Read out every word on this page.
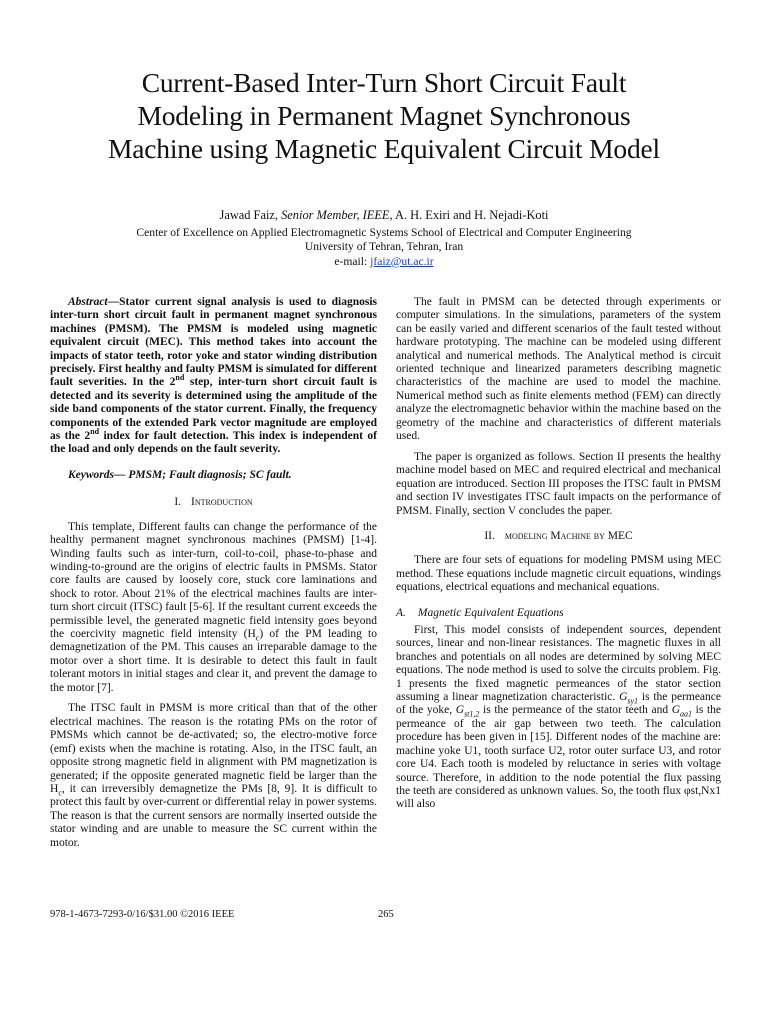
Current-Based Inter-Turn Short Circuit Fault
Modeling in Permanent Magnet Synchronous
Machine using Magnetic Equivalent Circuit Model
Jawad Faiz, Senior Member, IEEE, A. H. Exiri and H. Nejadi-Koti
Center of Excellence on Applied Electromagnetic Systems School of Electrical and Computer Engineering
University of Tehran, Tehran, Iran
e-mail: jfaiz@ut.ac.ir

Abstract—Stator current signal analysis is used to diagnosis inter-turn short circuit fault in permanent magnet synchronous machines (PMSM). The PMSM is modeled using magnetic equivalent circuit (MEC). This method takes into account the impacts of stator teeth, rotor yoke and stator winding distribution precisely. First healthy and faulty PMSM is simulated for different fault severities. In the 2nd step, inter-turn short circuit fault is detected and its severity is determined using the amplitude of the side band components of the stator current. Finally, the frequency components of the extended Park vector magnitude are employed as the 2nd index for fault detection. This index is independent of the load and only depends on the fault severity.

Keywords— PMSM; Fault diagnosis; SC fault.

I. Introduction

This template, Different faults can change the performance of the healthy permanent magnet synchronous machines (PMSM) [1-4]. Winding faults such as inter-turn, coil-to-coil, phase-to-phase and winding-to-ground are the origins of electric faults in PMSMs. Stator core faults are caused by loosely core, stuck core laminations and shock to rotor. About 21% of the electrical machines faults are inter-turn short circuit (ITSC) fault [5-6]. If the resultant current exceeds the permissible level, the generated magnetic field intensity goes beyond the coercivity magnetic field intensity $(H_c)$ of the PM leading to demagnetization of the PM. This causes an irreparable damage to the motor over a short time. It is desirable to detect this fault in fault tolerant motors in initial stages and clear it, and prevent the damage to the motor [7].

The ITSC fault in PMSM is more critical than that of the other electrical machines. The reason is the rotating PMs on the rotor of PMSMs which cannot be de-activated; so, the electro-motive force (emf) exists when the machine is rotating. Also, in the ITSC fault, an opposite strong magnetic field in alignment with PM magnetization is generated; if the opposite generated magnetic field be larger than the $H_c$, it can irreversibly demagnetize the PMs [8, 9]. It is difficult to protect this fault by over-current or differential relay in power systems. The reason is that the current sensors are normally inserted outside the stator winding and are unable to measure the SC current within the motor.

The fault in PMSM can be detected through experiments or computer simulations. In the simulations, parameters of the system can be easily varied and different scenarios of the fault tested without hardware prototyping. The machine can be modeled using different analytical and numerical methods. The Analytical method is circuit oriented technique and linearized parameters describing magnetic characteristics of the machine are used to model the machine. Numerical method such as finite elements method (FEM) can directly analyze the electromagnetic behavior within the machine based on the geometry of the machine and characteristics of different materials used.

The paper is organized as follows. Section II presents the healthy machine model based on MEC and required electrical and mechanical equation are introduced. Section III proposes the ITSC fault in PMSM and section IV investigates ITSC fault impacts on the performance of PMSM. Finally, section V concludes the paper.

II. modeling Machine by MEC

There are four sets of equations for modeling PMSM using MEC method. These equations include magnetic circuit equations, windings equations, electrical equations and mechanical equations.

A. Magnetic Equivalent Equations

First, This model consists of independent sources, dependent sources, linear and non-linear resistances. The magnetic fluxes in all branches and potentials on all nodes are determined by solving MEC equations. The node method is used to solve the circuits problem. Fig. 1 presents the fixed magnetic permeances of the stator section assuming a linear magnetization characteristic. $G_{sy1}$ is the permeance of the yoke, $G_{st1,2}$ is the permeance of the stator teeth and $G_{aa1}$ is the permeance of the air gap between two teeth. The calculation procedure has been given in [15]. Different nodes of the machine are: machine yoke U1, tooth surface U2, rotor outer surface U3, and rotor core U4. Each tooth is modeled by reluctance in series with voltage source. Therefore, in addition to the node potential the flux passing the teeth are considered as unknown values. So, the tooth flux φst,Nx1 will also

978-1-4673-7293-0/16/$31.00 ©2016 IEEE	265
